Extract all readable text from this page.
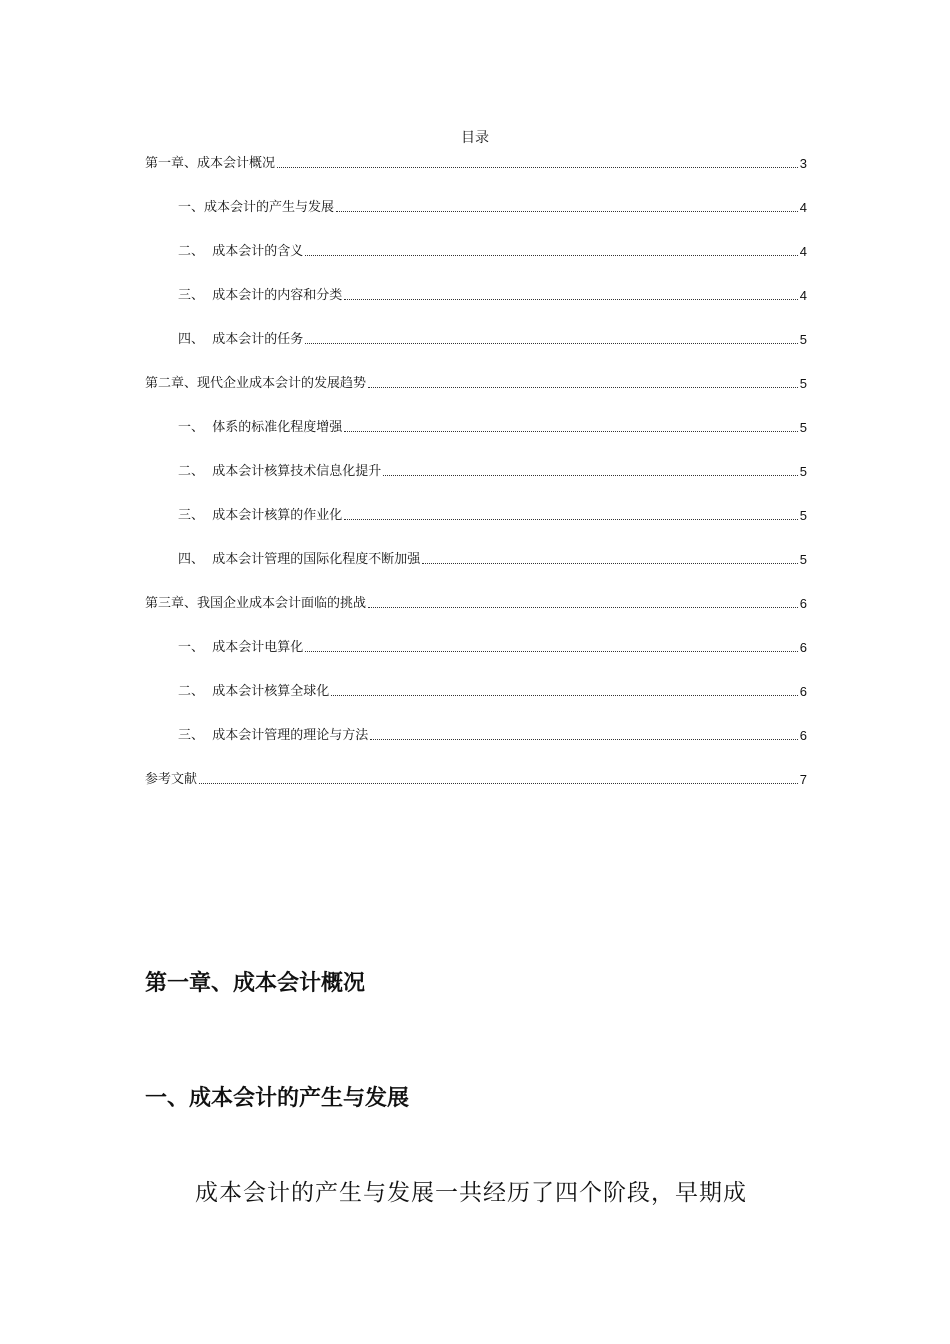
目录
第一章、成本会计概况	3
一、成本会计的产生与发展	4
二、 成本会计的含义	4
三、 成本会计的内容和分类	4
四、 成本会计的任务	5
第二章、现代企业成本会计的发展趋势	5
一、 体系的标准化程度增强	5
二、 成本会计核算技术信息化提升	5
三、 成本会计核算的作业化	5
四、 成本会计管理的国际化程度不断加强	5
第三章、我国企业成本会计面临的挑战	6
一、 成本会计电算化	6
二、 成本会计核算全球化	6
三、 成本会计管理的理论与方法	6
参考文献	7
第一章、成本会计概况
一、成本会计的产生与发展
成本会计的产生与发展一共经历了四个阶段，早期成
